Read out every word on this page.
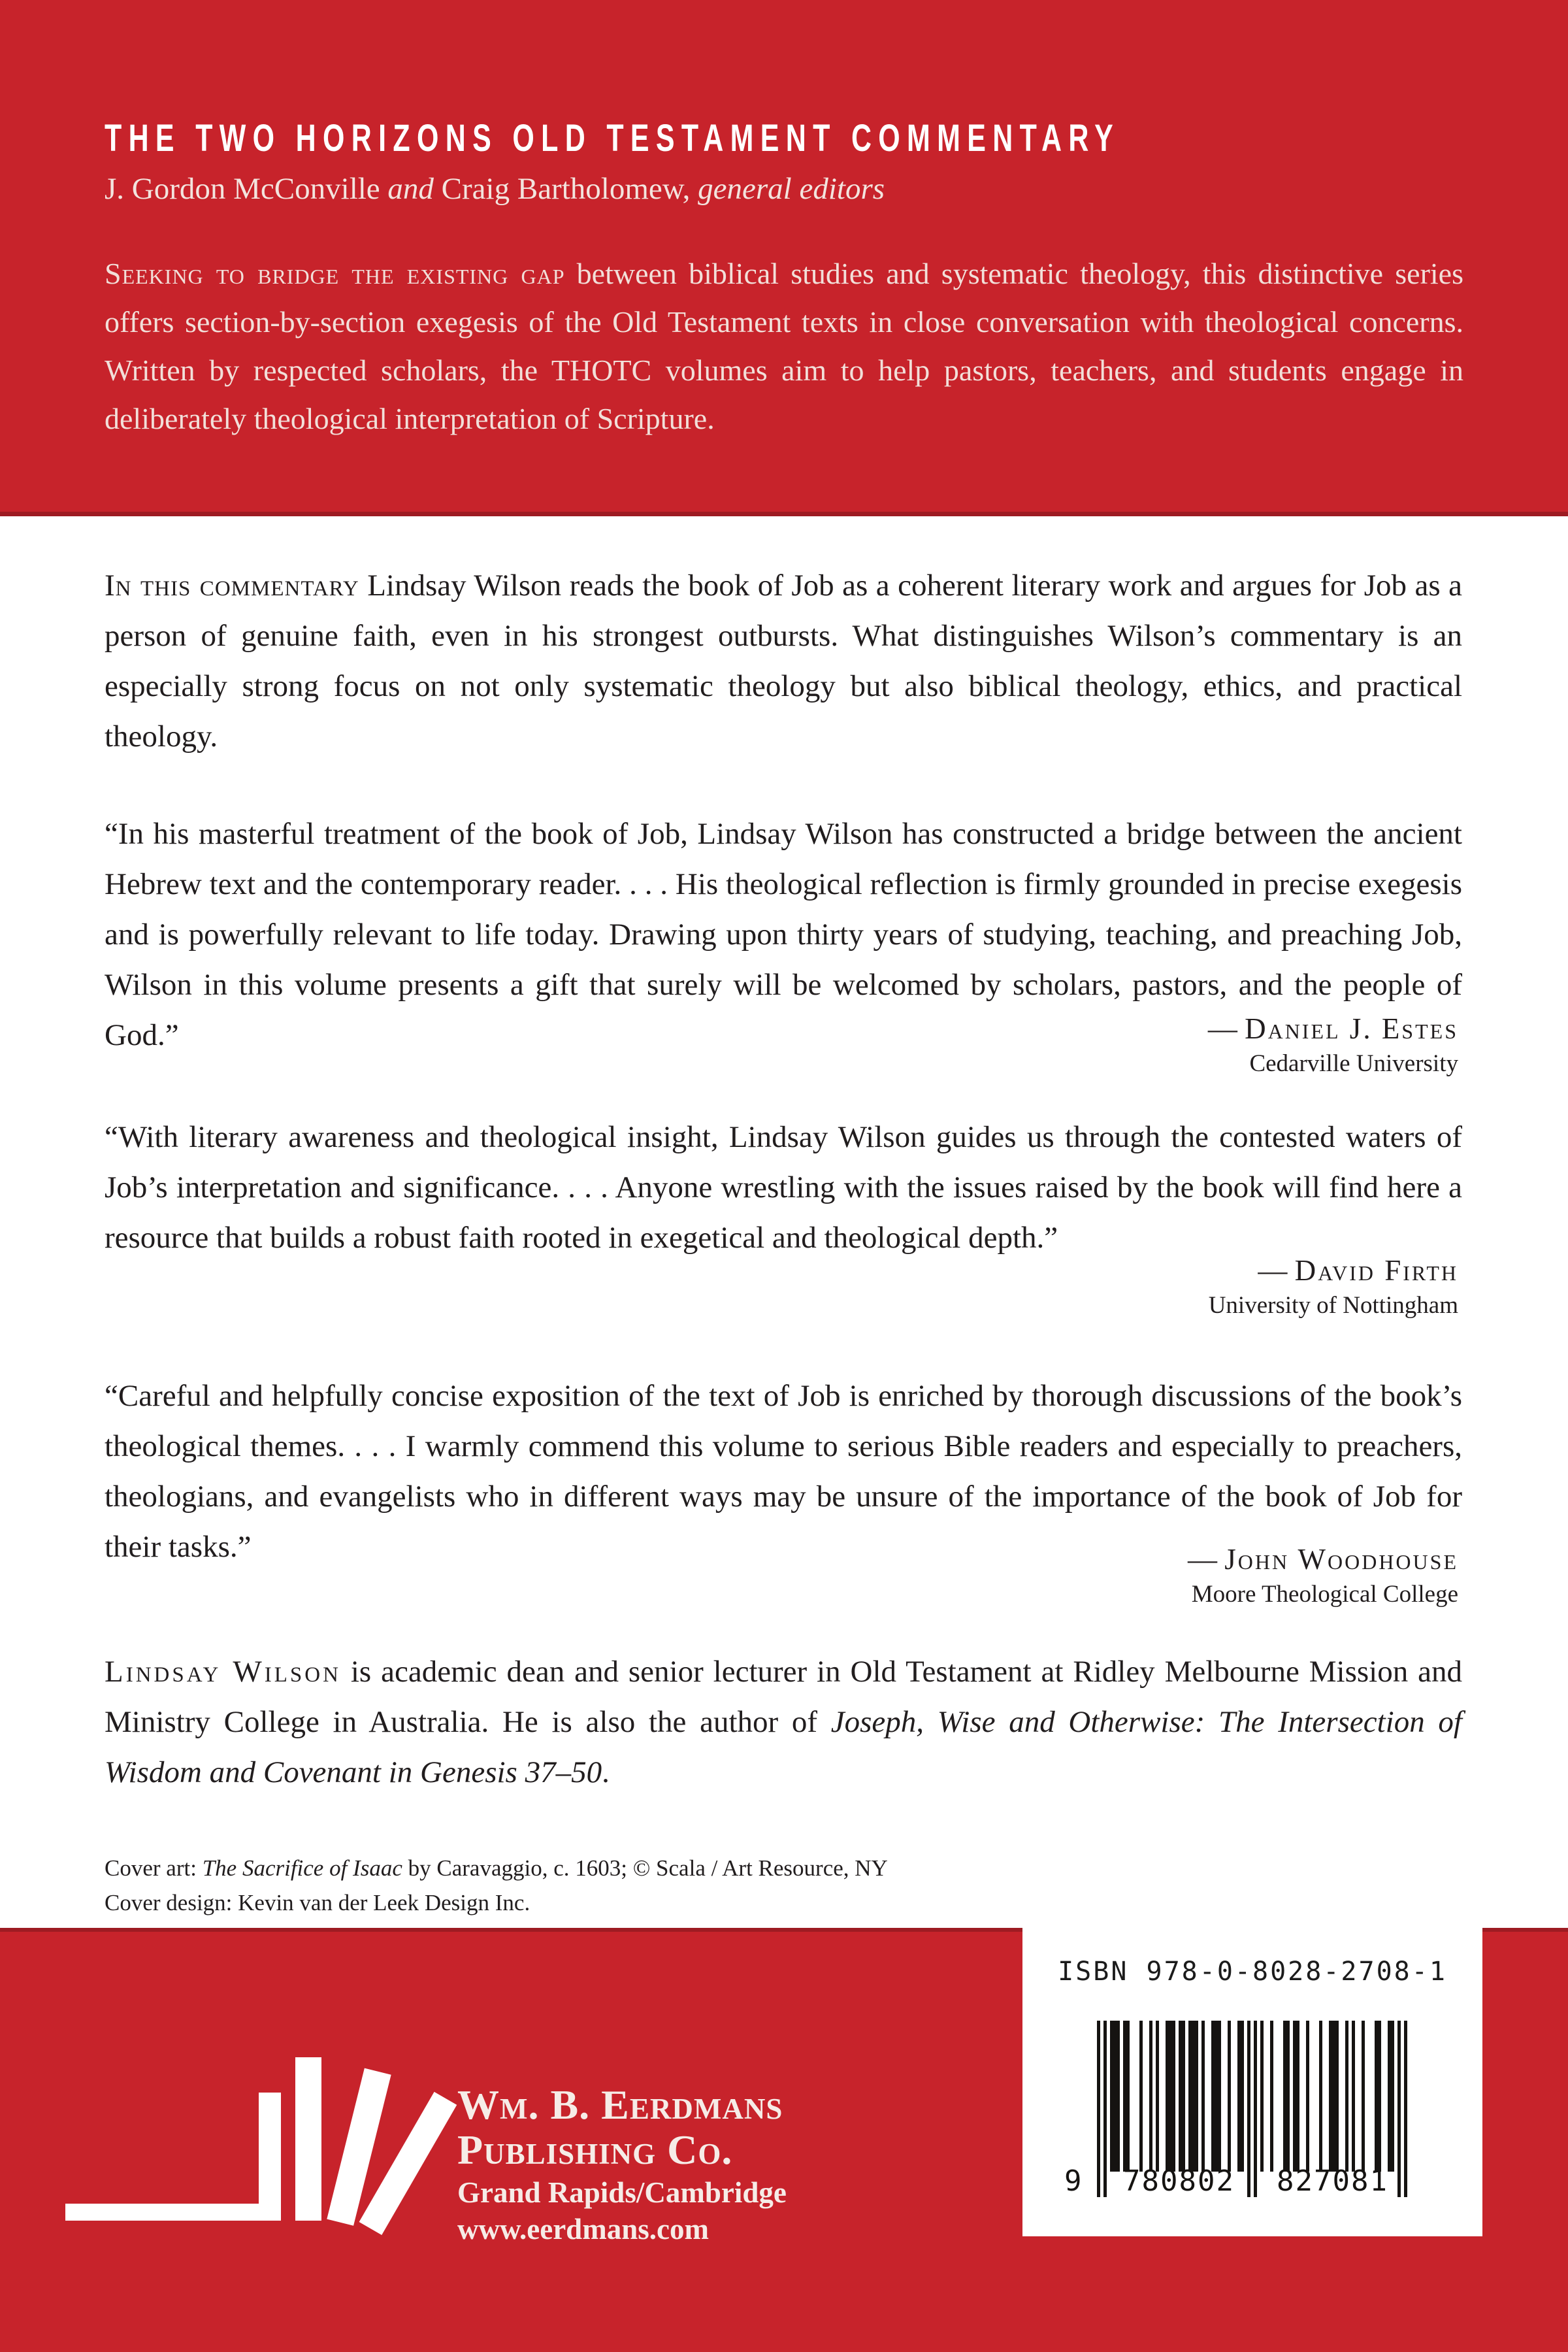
THE TWO HORIZONS OLD TESTAMENT COMMENTARY

J. Gordon McConville and Craig Bartholomew, general editors

Seeking to bridge the existing gap between biblical studies and systematic theology, this distinctive series offers section-by-section exegesis of the Old Testament texts in close conversation with theological concerns. Written by respected scholars, the THOTC volumes aim to help pastors, teachers, and students engage in deliberately theological interpretation of Scripture.

In this commentary Lindsay Wilson reads the book of Job as a coherent literary work and argues for Job as a person of genuine faith, even in his strongest outbursts. What distinguishes Wilson’s commentary is an especially strong focus on not only systematic theology but also biblical theology, ethics, and practical theology.

“In his masterful treatment of the book of Job, Lindsay Wilson has constructed a bridge between the ancient Hebrew text and the contemporary reader. . . . His theological reflection is firmly grounded in precise exegesis and is powerfully relevant to life today. Drawing upon thirty years of studying, teaching, and preaching Job, Wilson in this volume presents a gift that surely will be welcomed by scholars, pastors, and the people of God.”	— Daniel J. Estes
Cedarville University

“With literary awareness and theological insight, Lindsay Wilson guides us through the contested waters of Job’s interpretation and significance. . . . Anyone wrestling with the issues raised by the book will find here a resource that builds a robust faith rooted in exegetical and theological depth.”

— David Firth
University of Nottingham

“Careful and helpfully concise exposition of the text of Job is enriched by thorough discussions of the book’s theological themes. . . . I warmly commend this volume to serious Bible readers and especially to preachers, theologians, and evangelists who in different ways may be unsure of the importance of the book of Job for their tasks.”	— John Woodhouse
Moore Theological College

Lindsay Wilson is academic dean and senior lecturer in Old Testament at Ridley Melbourne Mission and Ministry College in Australia. He is also the author of Joseph, Wise and Otherwise: The Intersection of Wisdom and Covenant in Genesis 37–50.

Cover art: The Sacrifice of Isaac by Caravaggio, c. 1603; © Scala / Art Resource, NY
Cover design: Kevin van der Leek Design Inc.

Wm. B. Eerdmans

Publishing Co.

Grand Rapids/Cambridge

www.eerdmans.com

ISBN 978-0-8028-2708-1

9 780802 827081
